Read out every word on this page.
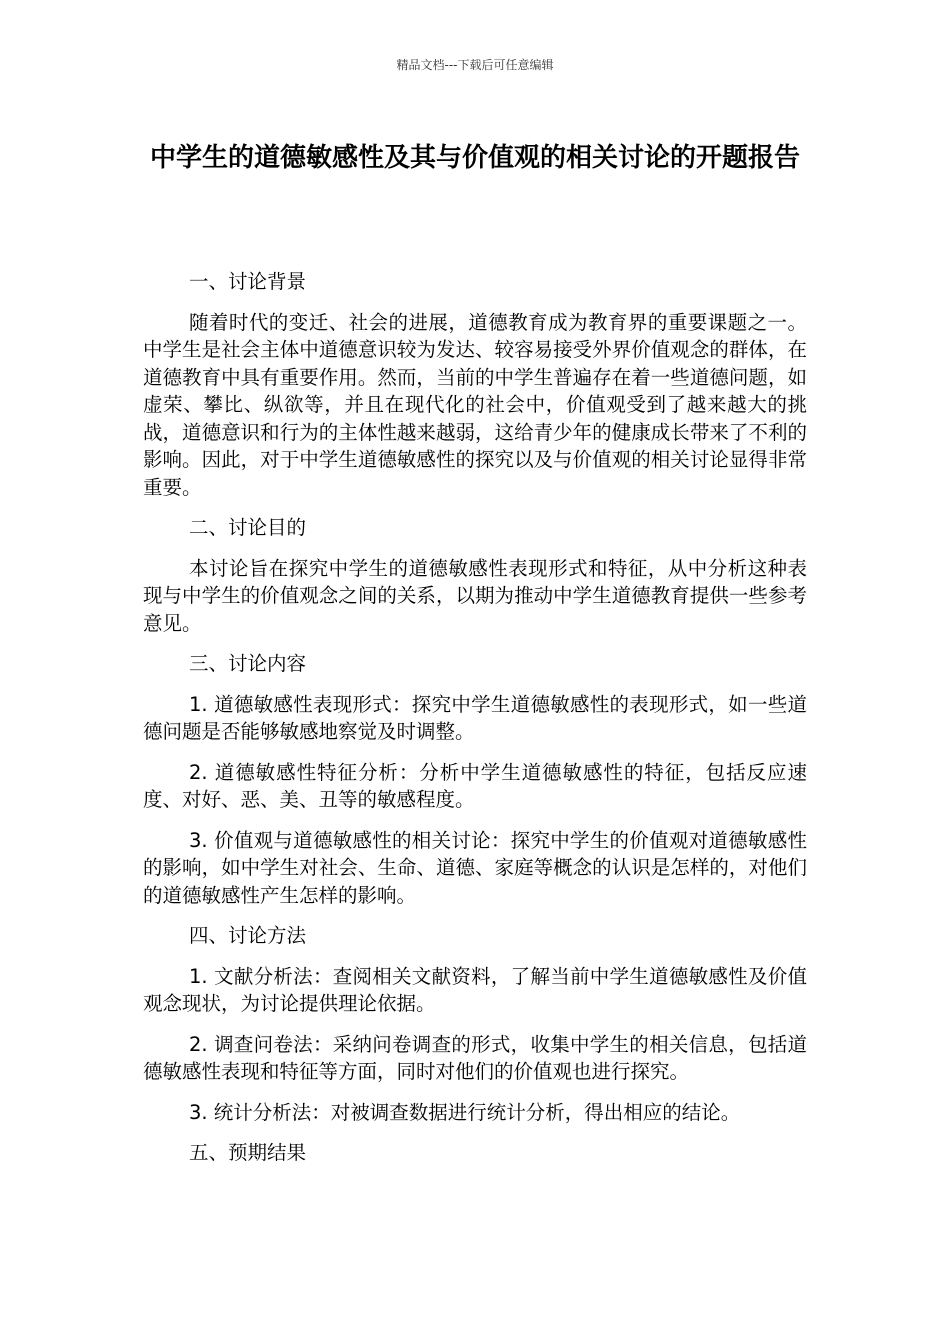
精品文档---下载后可任意编辑
中学生的道德敏感性及其与价值观的相关讨论的开题报告

一、讨论背景

随着时代的变迁、社会的进展，道德教育成为教育界的重要课题之一。中学生是社会主体中道德意识较为发达、较容易接受外界价值观念的群体，在道德教育中具有重要作用。然而，当前的中学生普遍存在着一些道德问题，如虚荣、攀比、纵欲等，并且在现代化的社会中，价值观受到了越来越大的挑战，道德意识和行为的主体性越来越弱，这给青少年的健康成长带来了不利的影响。因此，对于中学生道德敏感性的探究以及与价值观的相关讨论显得非常重要。

二、讨论目的

本讨论旨在探究中学生的道德敏感性表现形式和特征，从中分析这种表现与中学生的价值观念之间的关系，以期为推动中学生道德教育提供一些参考意见。

三、讨论内容

1. 道德敏感性表现形式：探究中学生道德敏感性的表现形式，如一些道德问题是否能够敏感地察觉及时调整。

2. 道德敏感性特征分析：分析中学生道德敏感性的特征，包括反应速度、对好、恶、美、丑等的敏感程度。

3. 价值观与道德敏感性的相关讨论：探究中学生的价值观对道德敏感性的影响，如中学生对社会、生命、道德、家庭等概念的认识是怎样的，对他们的道德敏感性产生怎样的影响。

四、讨论方法

1. 文献分析法：查阅相关文献资料，了解当前中学生道德敏感性及价值观念现状，为讨论提供理论依据。

2. 调查问卷法：采纳问卷调查的形式，收集中学生的相关信息，包括道德敏感性表现和特征等方面，同时对他们的价值观也进行探究。

3. 统计分析法：对被调查数据进行统计分析，得出相应的结论。

五、预期结果
